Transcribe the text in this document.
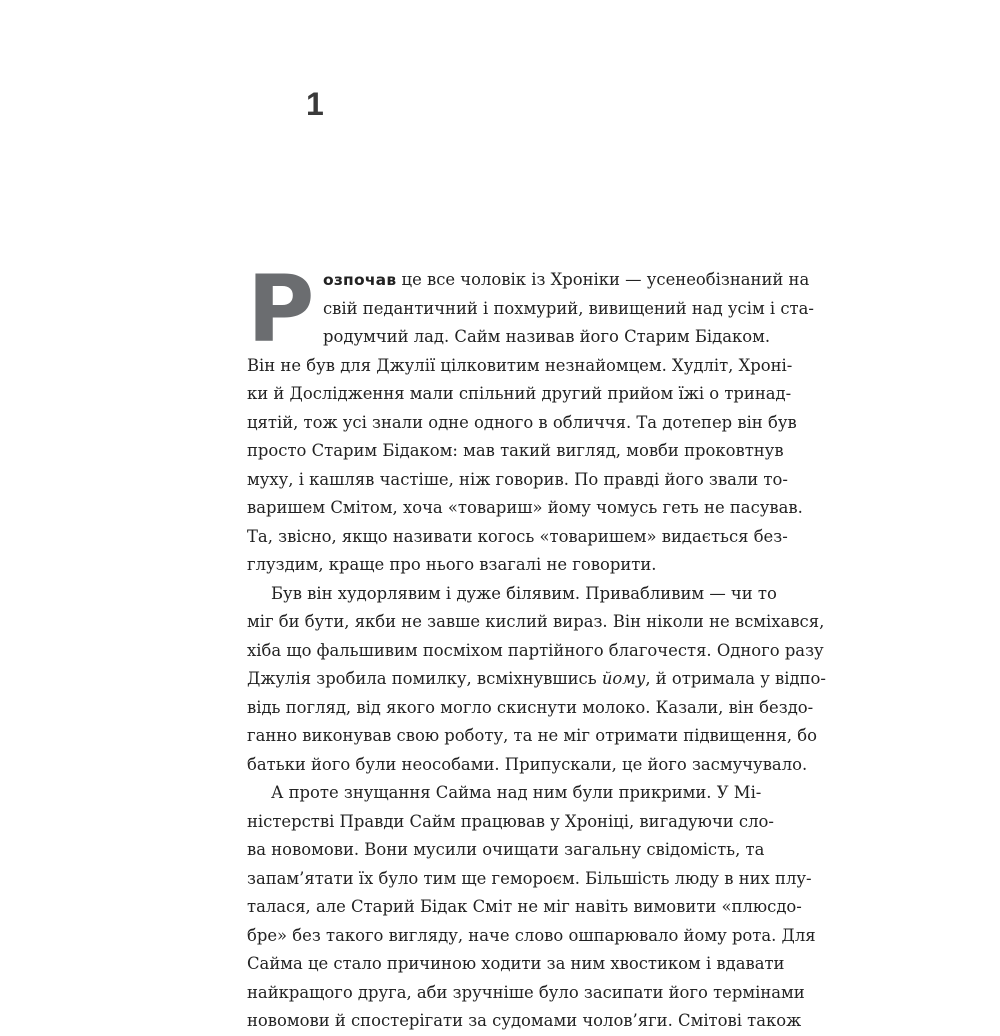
1
Р озпочав це все чоловік із Хроніки — усенеобізнаний на
свій педантичний і похмурий, вивищений над усім і ста-
родумчий лад. Сайм називав його Старим Бідаком.
Він не був для Джулії цілковитим незнайомцем. Худліт, Хроні-
ки й Дослідження мали спільний другий прийом їжі о тринад-
цятій, тож усі знали одне одного в обличчя. Та дотепер він був
просто Старим Бідаком: мав такий вигляд, мовби проковтнув
муху, і кашляв частіше, ніж говорив. По правді його звали то-
варишем Смітом, хоча «товариш» йому чомусь геть не пасував.
Та, звісно, якщо називати когось «товаришем» видається без-
глуздим, краще про нього взагалі не говорити.
Був він худорлявим і дуже білявим. Привабливим — чи то
міг би бути, якби не завше кислий вираз. Він ніколи не всміхався,
хіба що фальшивим посміхом партійного благочестя. Одного разу
Джулія зробила помилку, всміхнувшись йому, й отримала у відпо-
відь погляд, від якого могло скиснути молоко. Казали, він бездо-
ганно виконував свою роботу, та не міг отримати підвищення, бо
батьки його були неособами. Припускали, це його засмучувало.
А проте знущання Сайма над ним були прикрими. У Мі-
ністерстві Правди Сайм працював у Хроніці, вигадуючи сло-
ва новомови. Вони мусили очищати загальну свідомість, та
запам’ятати їх було тим ще гемороєм. Більшість люду в них плу-
талася, але Старий Бідак Сміт не міг навіть вимовити «плюсдо-
бре» без такого вигляду, наче слово ошпарювало йому рота. Для
Сайма це стало причиною ходити за ним хвостиком і вдавати
найкращого друга, аби зручніше було засипати його термінами
новомови й спостерігати за судомами чолов’яги. Смітові також
